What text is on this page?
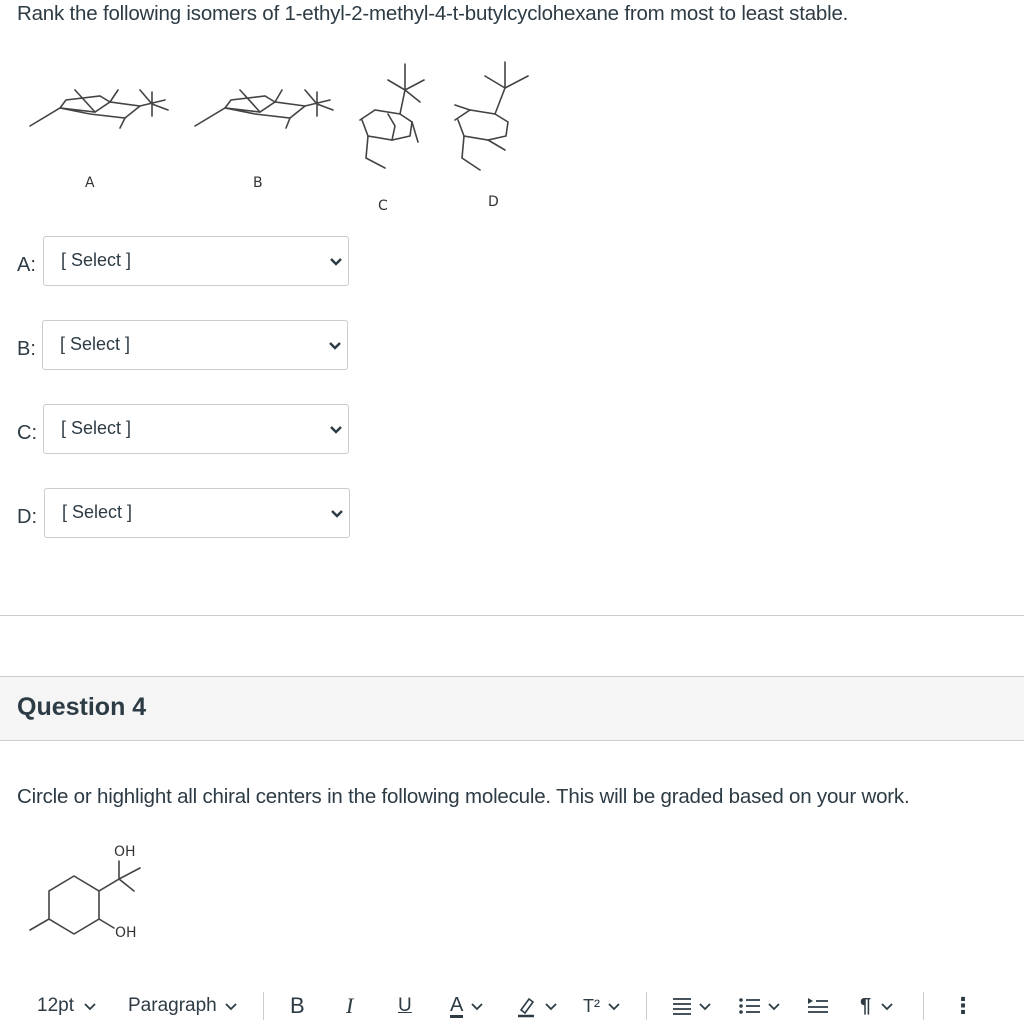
Rank the following isomers of 1-ethyl-2-methyl-4-t-butylcyclohexane from most to least stable.
A	B
C	D
A: [ Select ]
B: [ Select ]
C: [ Select ]
D: [ Select ]
Question 4
Circle or highlight all chiral centers in the following molecule. This will be graded based on your work.
OH
OH
12pt	Paragraph	B I U A	T²	¶	⋮
